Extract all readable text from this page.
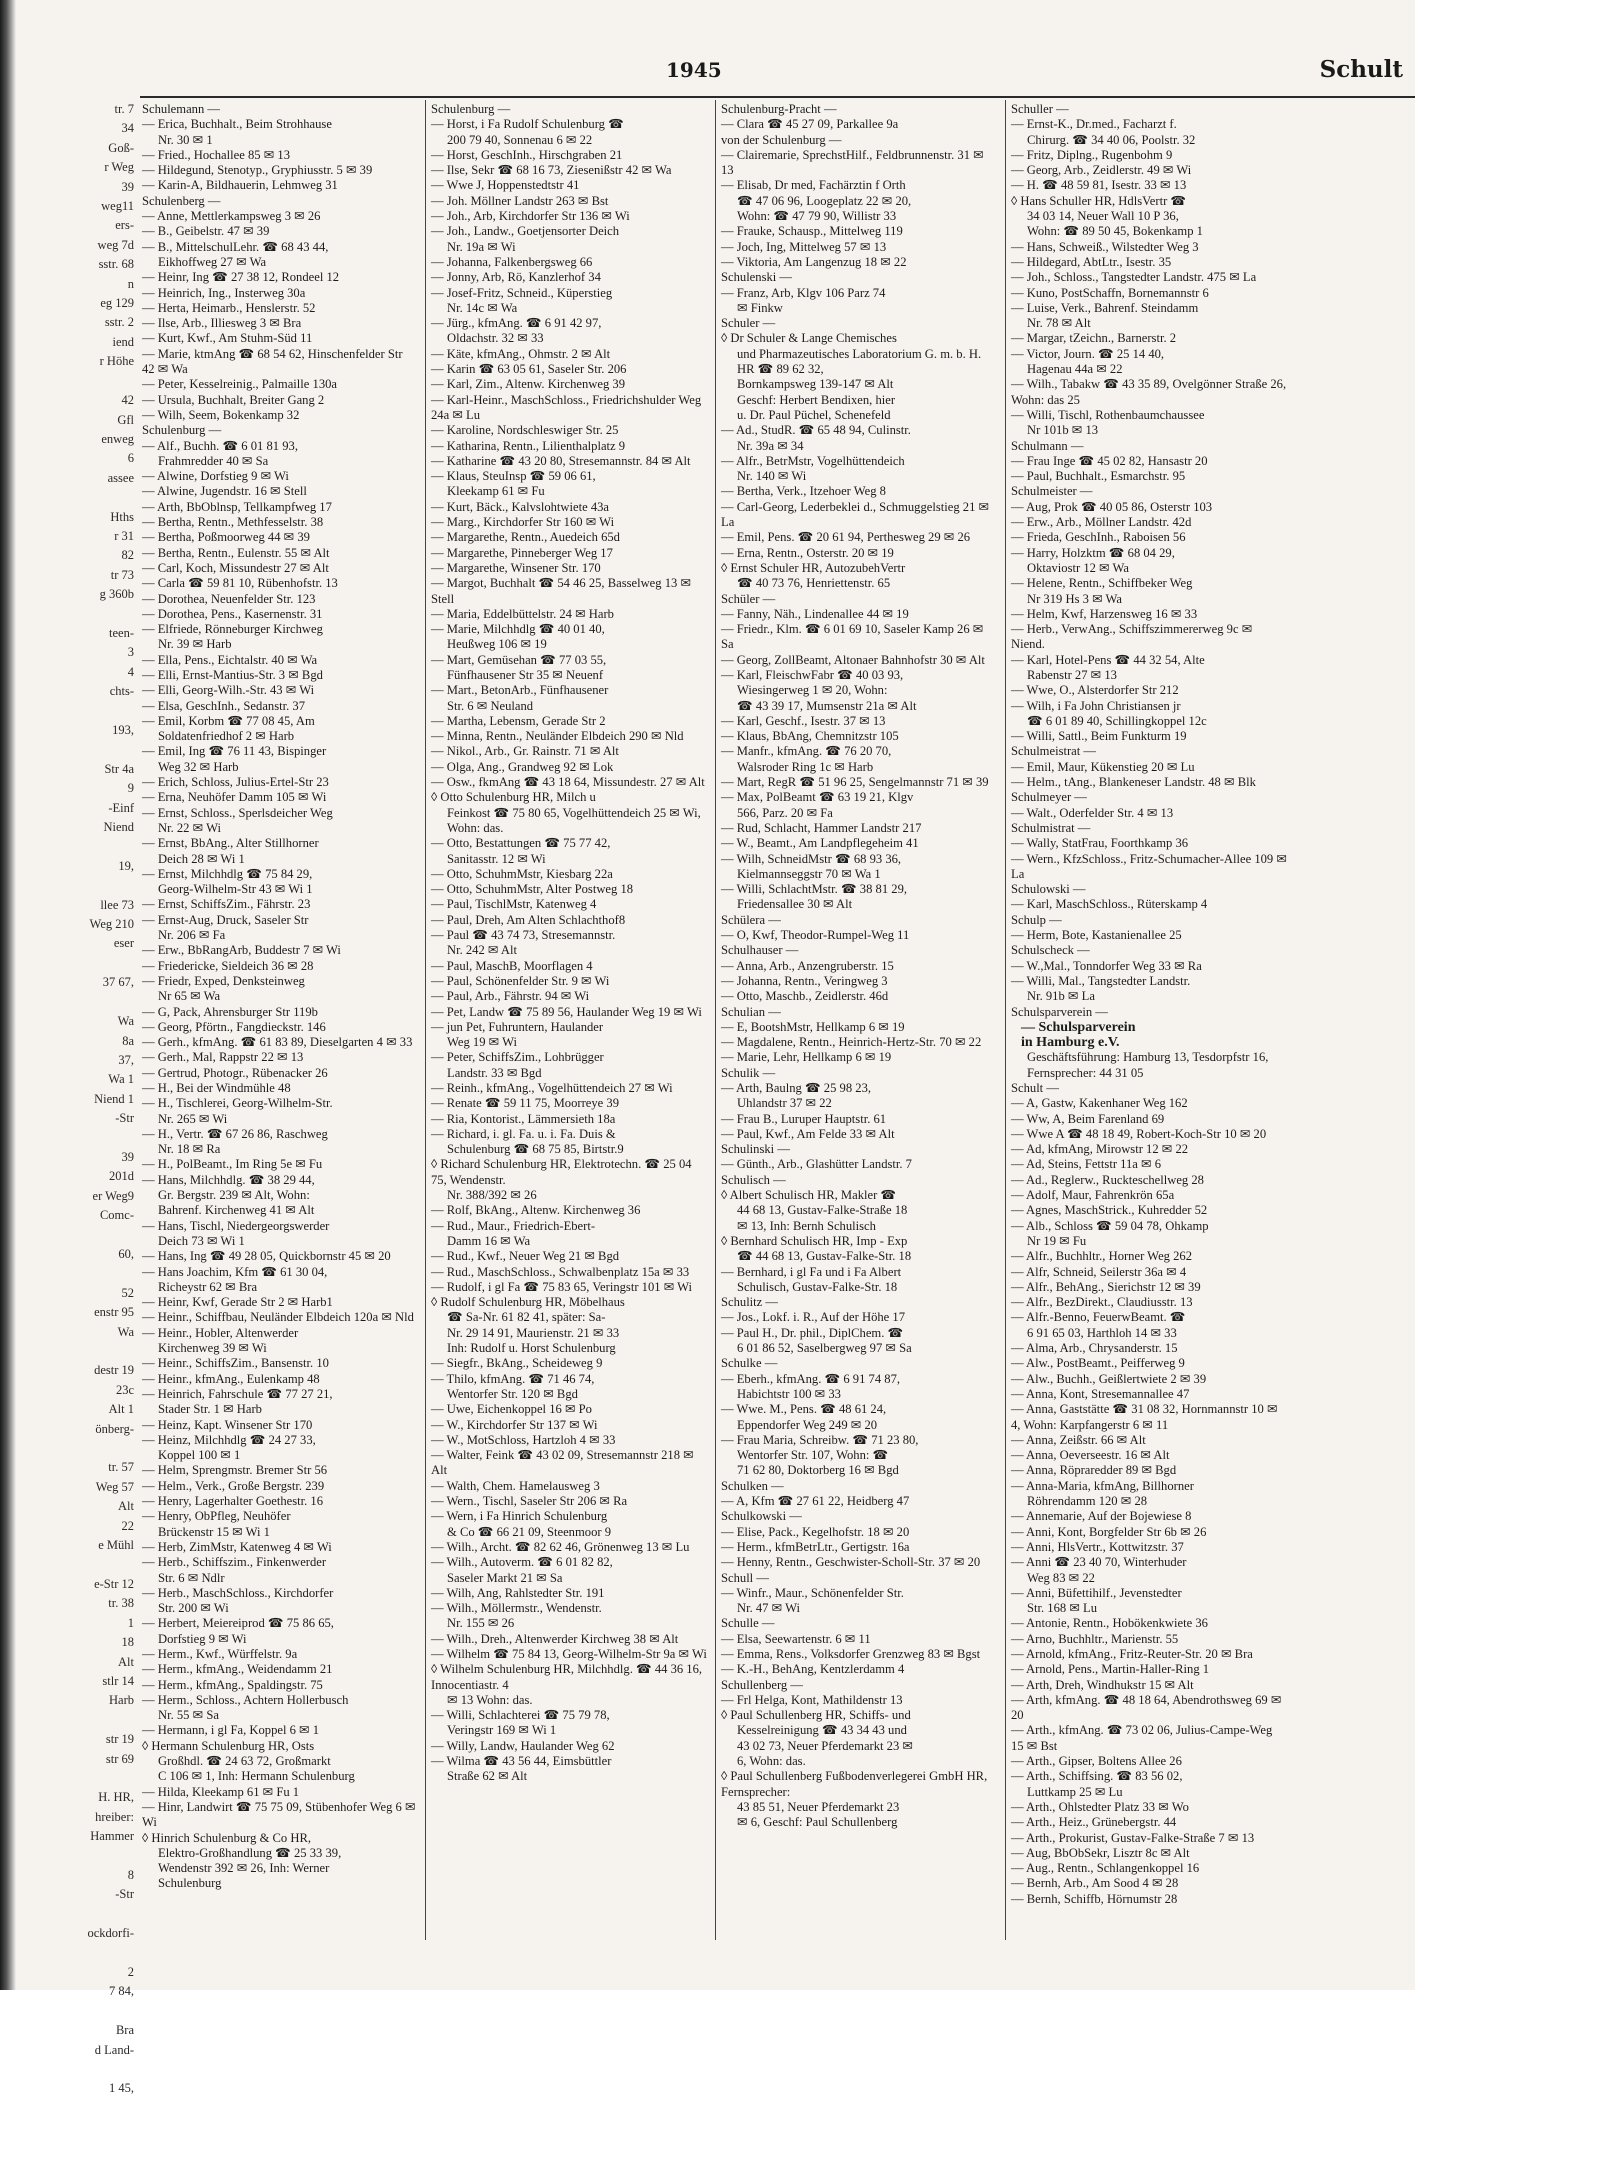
tr. 7
34
Goß-
r Weg
39
weg11
ers-
weg 7d
sstr. 68
n
eg 129
sstr. 2
iend
r Höhe

42
Gfl
enweg
6
assee

Hths
r 31
82
tr 73
g 360b

teen-
3
4
chts-

193,

Str 4a
9
-Einf
Niend

19,

llee 73
Weg 210
eser

37 67,

Wa
8a
37,
Wa 1
Niend 1
-Str

39
201d
er Weg9
Comc-

60,

52
enstr 95
Wa

destr 19
23c
Alt 1
önberg-

tr. 57
Weg 57
Alt
22
e Mühl

e-Str 12
tr. 38
1
18
Alt
stlr 14
Harb

str 19
str 69

H. HR,
hreiber:
Hammer

8
-Str

ockdorfi-

2
7 84,

Bra
d Land-

1 45,
1945	Schult
Schulemann —
— Erica, Buchhalt., Beim Strohhause
Nr. 30 ✉ 1
— Fried., Hochallee 85 ✉ 13
— Hildegund, Stenotyp., Gryphiusstr. 5 ✉ 39
— Karin-A, Bildhauerin, Lehmweg 31
Schulenberg —
— Anne, Mettlerkampsweg 3 ✉ 26
— B., Geibelstr. 47 ✉ 39
— B., MittelschulLehr. ☎ 68 43 44,
Eikhoffweg 27 ✉ Wa
— Heinr, Ing ☎ 27 38 12, Rondeel 12
— Heinrich, Ing., Insterweg 30a
— Herta, Heimarb., Henslerstr. 52
— Ilse, Arb., Illiesweg 3 ✉ Bra
— Kurt, Kwf., Am Stuhm-Süd 11
— Marie, ktmAng ☎ 68 54 62, Hinschenfelder Str 42 ✉ Wa
— Peter, Kesselreinig., Palmaille 130a
— Ursula, Buchhalt, Breiter Gang 2
— Wilh, Seem, Bokenkamp 32
Schulenburg —
— Alf., Buchh. ☎ 6 01 81 93,
Frahmredder 40 ✉ Sa
— Alwine, Dorfstieg 9 ✉ Wi
— Alwine, Jugendstr. 16 ✉ Stell
— Arth, BbOblnsp, Tellkampfweg 17
— Bertha, Rentn., Methfesselstr. 38
— Bertha, Poßmoorweg 44 ✉ 39
— Bertha, Rentn., Eulenstr. 55 ✉ Alt
— Carl, Koch, Missundestr 27 ✉ Alt
— Carla ☎ 59 81 10, Rübenhofstr. 13
— Dorothea, Neuenfelder Str. 123
— Dorothea, Pens., Kasernenstr. 31
— Elfriede, Rönneburger Kirchweg
Nr. 39 ✉ Harb
— Ella, Pens., Eichtalstr. 40 ✉ Wa
— Elli, Ernst-Mantius-Str. 3 ✉ Bgd
— Elli, Georg-Wilh.-Str. 43 ✉ Wi
— Elsa, GeschInh., Sedanstr. 37
— Emil, Korbm ☎ 77 08 45, Am
Soldatenfriedhof 2 ✉ Harb
— Emil, Ing ☎ 76 11 43, Bispinger
Weg 32 ✉ Harb
— Erich, Schloss, Julius-Ertel-Str 23
— Erna, Neuhöfer Damm 105 ✉ Wi
— Ernst, Schloss., Sperlsdeicher Weg
Nr. 22 ✉ Wi
— Ernst, BbAng., Alter Stillhorner
Deich 28 ✉ Wi 1
— Ernst, Milchhdlg ☎ 75 84 29,
Georg-Wilhelm-Str 43 ✉ Wi 1
— Ernst, SchiffsZim., Fährstr. 23
— Ernst-Aug, Druck, Saseler Str
Nr. 206 ✉ Fa
— Erw., BbRangArb, Buddestr 7 ✉ Wi
— Friedericke, Sieldeich 36 ✉ 28
— Friedr, Exped, Denksteinweg
Nr 65 ✉ Wa
— G, Pack, Ahrensburger Str 119b
— Georg, Pförtn., Fangdieckstr. 146
— Gerh., kfmAng. ☎ 61 83 89, Dieselgarten 4 ✉ 33
— Gerh., Mal, Rappstr 22 ✉ 13
— Gertrud, Photogr., Rübenacker 26
— H., Bei der Windmühle 48
— H., Tischlerei, Georg-Wilhelm-Str.
Nr. 265 ✉ Wi
— H., Vertr. ☎ 67 26 86, Raschweg
Nr. 18 ✉ Ra
— H., PolBeamt., Im Ring 5e ✉ Fu
— Hans, Milchhdlg. ☎ 38 29 44,
Gr. Bergstr. 239 ✉ Alt, Wohn:
Bahrenf. Kirchenweg 41 ✉ Alt
— Hans, Tischl, Niedergeorgswerder
Deich 73 ✉ Wi 1
— Hans, Ing ☎ 49 28 05, Quickbornstr 45 ✉ 20
— Hans Joachim, Kfm ☎ 61 30 04,
Richeystr 62 ✉ Bra
— Heinr, Kwf, Gerade Str 2 ✉ Harb1
— Heinr., Schiffbau, Neuländer Elbdeich 120a ✉ Nld
— Heinr., Hobler, Altenwerder
Kirchenweg 39 ✉ Wi
— Heinr., SchiffsZim., Bansenstr. 10
— Heinr., kfmAng., Eulenkamp 48
— Heinrich, Fahrschule ☎ 77 27 21,
Stader Str. 1 ✉ Harb
— Heinz, Kapt. Winsener Str 170
— Heinz, Milchhdlg ☎ 24 27 33,
Koppel 100 ✉ 1
— Helm, Sprengmstr. Bremer Str 56
— Helm., Verk., Große Bergstr. 239
— Henry, Lagerhalter Goethestr. 16
— Henry, ObPfleg, Neuhöfer
Brückenstr 15 ✉ Wi 1
— Herb, ZimMstr, Katenweg 4 ✉ Wi
— Herb., Schiffszim., Finkenwerder
Str. 6 ✉ Ndlr
— Herb., MaschSchloss., Kirchdorfer
Str. 200 ✉ Wi
— Herbert, Meiereiprod ☎ 75 86 65,
Dorfstieg 9 ✉ Wi
— Herm., Kwf., Würffelstr. 9a
— Herm., kfmAng., Weidendamm 21
— Herm., kfmAng., Spaldingstr. 75
— Herm., Schloss., Achtern Hollerbusch
Nr. 55 ✉ Sa
— Hermann, i gl Fa, Koppel 6 ✉ 1
◊ Hermann Schulenburg HR, Osts
Großhdl. ☎ 24 63 72, Großmarkt
C 106 ✉ 1, Inh: Hermann Schulenburg
— Hilda, Kleekamp 61 ✉ Fu 1
— Hinr, Landwirt ☎ 75 75 09, Stübenhofer Weg 6 ✉ Wi
◊ Hinrich Schulenburg & Co HR,
Elektro-Großhandlung ☎ 25 33 39,
Wendenstr 392 ✉ 26, Inh: Werner
Schulenburg
Schulenburg —
— Horst, i Fa Rudolf Schulenburg ☎
200 79 40, Sonnenau 6 ✉ 22
— Horst, GeschInh., Hirschgraben 21
— Ilse, Sekr ☎ 68 16 73, Ziesenißstr 42 ✉ Wa
— Wwe J, Hoppenstedtstr 41
— Joh. Möllner Landstr 263 ✉ Bst
— Joh., Arb, Kirchdorfer Str 136 ✉ Wi
— Joh., Landw., Goetjensorter Deich
Nr. 19a ✉ Wi
— Johanna, Falkenbergsweg 66
— Jonny, Arb, Rö, Kanzlerhof 34
— Josef-Fritz, Schneid., Küperstieg
Nr. 14c ✉ Wa
— Jürg., kfmAng. ☎ 6 91 42 97,
Oldachstr. 32 ✉ 33
— Käte, kfmAng., Ohmstr. 2 ✉ Alt
— Karin ☎ 63 05 61, Saseler Str. 206
— Karl, Zim., Altenw. Kirchenweg 39
— Karl-Heinr., MaschSchloss., Friedrichshulder Weg 24a ✉ Lu
— Karoline, Nordschleswiger Str. 25
— Katharina, Rentn., Lilienthalplatz 9
— Katharine ☎ 43 20 80, Stresemannstr. 84 ✉ Alt
— Klaus, SteuInsp ☎ 59 06 61,
Kleekamp 61 ✉ Fu
— Kurt, Bäck., Kalvslohtwiete 43a
— Marg., Kirchdorfer Str 160 ✉ Wi
— Margarethe, Rentn., Auedeich 65d
— Margarethe, Pinneberger Weg 17
— Margarethe, Winsener Str. 170
— Margot, Buchhalt ☎ 54 46 25, Basselweg 13 ✉ Stell
— Maria, Eddelbüttelstr. 24 ✉ Harb
— Marie, Milchhdlg ☎ 40 01 40,
Heußweg 106 ✉ 19
— Mart, Gemüsehan ☎ 77 03 55,
Fünfhausener Str 35 ✉ Neuenf
— Mart., BetonArb., Fünfhausener
Str. 6 ✉ Neuland
— Martha, Lebensm, Gerade Str 2
— Minna, Rentn., Neuländer Elbdeich 290 ✉ Nld
— Nikol., Arb., Gr. Rainstr. 71 ✉ Alt
— Olga, Ang., Grandweg 92 ✉ Lok
— Osw., fkmAng ☎ 43 18 64, Missundestr. 27 ✉ Alt
◊ Otto Schulenburg HR, Milch u
Feinkost ☎ 75 80 65, Vogelhüttendeich 25 ✉ Wi, Wohn: das.
— Otto, Bestattungen ☎ 75 77 42,
Sanitasstr. 12 ✉ Wi
— Otto, SchuhmMstr, Kiesbarg 22a
— Otto, SchuhmMstr, Alter Postweg 18
— Paul, TischlMstr, Katenweg 4
— Paul, Dreh, Am Alten Schlachthof8
— Paul ☎ 43 74 73, Stresemannstr.
Nr. 242 ✉ Alt
— Paul, MaschB, Moorflagen 4
— Paul, Schönenfelder Str. 9 ✉ Wi
— Paul, Arb., Fährstr. 94 ✉ Wi
— Pet, Landw ☎ 75 89 56, Haulander Weg 19 ✉ Wi
— jun Pet, Fuhruntern, Haulander
Weg 19 ✉ Wi
— Peter, SchiffsZim., Lohbrügger
Landstr. 33 ✉ Bgd
— Reinh., kfmAng., Vogelhüttendeich 27 ✉ Wi
— Renate ☎ 59 11 75, Moorreye 39
— Ria, Kontorist., Lämmersieth 18a
— Richard, i. gl. Fa. u. i. Fa. Duis &
Schulenburg ☎ 68 75 85, Birtstr.9
◊ Richard Schulenburg HR, Elektrotechn. ☎ 25 04 75, Wendenstr.
Nr. 388/392 ✉ 26
— Rolf, BkAng., Altenw. Kirchenweg 36
— Rud., Maur., Friedrich-Ebert-
Damm 16 ✉ Wa
— Rud., Kwf., Neuer Weg 21 ✉ Bgd
— Rud., MaschSchloss., Schwalbenplatz 15a ✉ 33
— Rudolf, i gl Fa ☎ 75 83 65, Veringstr 101 ✉ Wi
◊ Rudolf Schulenburg HR, Möbelhaus
☎ Sa-Nr. 61 82 41, später: Sa-
Nr. 29 14 91, Maurienstr. 21 ✉ 33
Inh: Rudolf u. Horst Schulenburg
— Siegfr., BkAng., Scheideweg 9
— Thilo, kfmAng. ☎ 71 46 74,
Wentorfer Str. 120 ✉ Bgd
— Uwe, Eichenkoppel 16 ✉ Po
— W., Kirchdorfer Str 137 ✉ Wi
— W., MotSchloss, Hartzloh 4 ✉ 33
— Walter, Feink ☎ 43 02 09, Stresemannstr 218 ✉ Alt
— Walth, Chem. Hamelausweg 3
— Wern., Tischl, Saseler Str 206 ✉ Ra
— Wern, i Fa Hinrich Schulenburg
& Co ☎ 66 21 09, Steenmoor 9
— Wilh., Archt. ☎ 82 62 46, Grönenweg 13 ✉ Lu
— Wilh., Autoverm. ☎ 6 01 82 82,
Saseler Markt 21 ✉ Sa
— Wilh, Ang, Rahlstedter Str. 191
— Wilh., Möllermstr., Wendenstr.
Nr. 155 ✉ 26
— Wilh., Dreh., Altenwerder Kirchweg 38 ✉ Alt
— Wilhelm ☎ 75 84 13, Georg-Wilhelm-Str 9a ✉ Wi
◊ Wilhelm Schulenburg HR, Milchhdlg. ☎ 44 36 16, Innocentiastr. 4
✉ 13 Wohn: das.
— Willi, Schlachterei ☎ 75 79 78,
Veringstr 169 ✉ Wi 1
— Willy, Landw, Haulander Weg 62
— Wilma ☎ 43 56 44, Eimsbüttler
Straße 62 ✉ Alt
Schulenburg-Pracht —
— Clara ☎ 45 27 09, Parkallee 9a
von der Schulenburg —
— Clairemarie, SprechstHilf., Feldbrunnenstr. 31 ✉ 13
— Elisab, Dr med, Fachärztin f Orth
☎ 47 06 96, Loogeplatz 22 ✉ 20,
Wohn: ☎ 47 79 90, Willistr 33
— Frauke, Schausp., Mittelweg 119
— Joch, Ing, Mittelweg 57 ✉ 13
— Viktoria, Am Langenzug 18 ✉ 22
Schulenski —
— Franz, Arb, Klgv 106 Parz 74
✉ Finkw
Schuler —
◊ Dr Schuler & Lange Chemisches
und Pharmazeutisches Laboratorium G. m. b. H. HR ☎ 89 62 32,
Bornkampsweg 139-147 ✉ Alt
Geschf: Herbert Bendixen, hier
u. Dr. Paul Püchel, Schenefeld
— Ad., StudR. ☎ 65 48 94, Culinstr.
Nr. 39a ✉ 34
— Alfr., BetrMstr, Vogelhüttendeich
Nr. 140 ✉ Wi
— Bertha, Verk., Itzehoer Weg 8
— Carl-Georg, Lederbeklei d., Schmuggelstieg 21 ✉ La
— Emil, Pens. ☎ 20 61 94, Perthesweg 29 ✉ 26
— Erna, Rentn., Osterstr. 20 ✉ 19
◊ Ernst Schuler HR, AutozubehVertr
☎ 40 73 76, Henriettenstr. 65
Schüler —
— Fanny, Näh., Lindenallee 44 ✉ 19
— Friedr., Klm. ☎ 6 01 69 10, Saseler Kamp 26 ✉ Sa
— Georg, ZollBeamt, Altonaer Bahnhofstr 30 ✉ Alt
— Karl, FleischwFabr ☎ 40 03 93,
Wiesingerweg 1 ✉ 20, Wohn:
☎ 43 39 17, Mumsenstr 21a ✉ Alt
— Karl, Geschf., Isestr. 37 ✉ 13
— Klaus, BbAng, Chemnitzstr 105
— Manfr., kfmAng. ☎ 76 20 70,
Walsroder Ring 1c ✉ Harb
— Mart, RegR ☎ 51 96 25, Sengelmannstr 71 ✉ 39
— Max, PolBeamt ☎ 63 19 21, Klgv
566, Parz. 20 ✉ Fa
— Rud, Schlacht, Hammer Landstr 217
— W., Beamt., Am Landpflegeheim 41
— Wilh, SchneidMstr ☎ 68 93 36,
Kielmannseggstr 70 ✉ Wa 1
— Willi, SchlachtMstr. ☎ 38 81 29,
Friedensallee 30 ✉ Alt
Schülera —
— O, Kwf, Theodor-Rumpel-Weg 11
Schulhauser —
— Anna, Arb., Anzengruberstr. 15
— Johanna, Rentn., Veringweg 3
— Otto, Maschb., Zeidlerstr. 46d
Schulian —
— E, BootshMstr, Hellkamp 6 ✉ 19
— Magdalene, Rentn., Heinrich-Hertz-Str. 70 ✉ 22
— Marie, Lehr, Hellkamp 6 ✉ 19
Schulik —
— Arth, Baulng ☎ 25 98 23,
Uhlandstr 37 ✉ 22
— Frau B., Luruper Hauptstr. 61
— Paul, Kwf., Am Felde 33 ✉ Alt
Schulinski —
— Günth., Arb., Glashütter Landstr. 7
Schulisch —
◊ Albert Schulisch HR, Makler ☎
44 68 13, Gustav-Falke-Straße 18
✉ 13, Inh: Bernh Schulisch
◊ Bernhard Schulisch HR, Imp - Exp
☎ 44 68 13, Gustav-Falke-Str. 18
— Bernhard, i gl Fa und i Fa Albert
Schulisch, Gustav-Falke-Str. 18
Schulitz —
— Jos., Lokf. i. R., Auf der Höhe 17
— Paul H., Dr. phil., DiplChem. ☎
6 01 86 52, Saselbergweg 97 ✉ Sa
Schulke —
— Eberh., kfmAng. ☎ 6 91 74 87,
Habichtstr 100 ✉ 33
— Wwe. M., Pens. ☎ 48 61 24,
Eppendorfer Weg 249 ✉ 20
— Frau Maria, Schreibw. ☎ 71 23 80,
Wentorfer Str. 107, Wohn: ☎
71 62 80, Doktorberg 16 ✉ Bgd
Schulken —
— A, Kfm ☎ 27 61 22, Heidberg 47
Schulkowski —
— Elise, Pack., Kegelhofstr. 18 ✉ 20
— Herm., kfmBetrLtr., Gertigstr. 16a
— Henny, Rentn., Geschwister-Scholl-Str. 37 ✉ 20
Schull —
— Winfr., Maur., Schönenfelder Str.
Nr. 47 ✉ Wi
Schulle —
— Elsa, Seewartenstr. 6 ✉ 11
— Emma, Rens., Volksdorfer Grenzweg 83 ✉ Bgst
— K.-H., BehAng, Kentzlerdamm 4
Schullenberg —
— Frl Helga, Kont, Mathildenstr 13
◊ Paul Schullenberg HR, Schiffs- und
Kesselreinigung ☎ 43 34 43 und
43 02 73, Neuer Pferdemarkt 23 ✉
6, Wohn: das.
◊ Paul Schullenberg Fußbodenverlegerei GmbH HR, Fernsprecher:
43 85 51, Neuer Pferdemarkt 23
✉ 6, Geschf: Paul Schullenberg
Schuller —
— Ernst-K., Dr.med., Facharzt f.
Chirurg. ☎ 34 40 06, Poolstr. 32
— Fritz, Diplng., Rugenbohm 9
— Georg, Arb., Zeidlerstr. 49 ✉ Wi
— H. ☎ 48 59 81, Isestr. 33 ✉ 13
◊ Hans Schuller HR, HdlsVertr ☎
34 03 14, Neuer Wall 10 P 36,
Wohn: ☎ 89 50 45, Bokenkamp 1
— Hans, Schweiß., Wilstedter Weg 3
— Hildegard, AbtLtr., Isestr. 35
— Joh., Schloss., Tangstedter Landstr. 475 ✉ La
— Kuno, PostSchaffn, Bornemannstr 6
— Luise, Verk., Bahrenf. Steindamm
Nr. 78 ✉ Alt
— Margar, tZeichn., Barnerstr. 2
— Victor, Journ. ☎ 25 14 40,
Hagenau 44a ✉ 22
— Wilh., Tabakw ☎ 43 35 89, Ovelgönner Straße 26, Wohn: das 25
— Willi, Tischl, Rothenbaumchaussee
Nr 101b ✉ 13
Schulmann —
— Frau Inge ☎ 45 02 82, Hansastr 20
— Paul, Buchhalt., Esmarchstr. 95
Schulmeister —
— Aug, Prok ☎ 40 05 86, Osterstr 103
— Erw., Arb., Möllner Landstr. 42d
— Frieda, GeschInh., Raboisen 56
— Harry, Holzktm ☎ 68 04 29,
Oktaviostr 12 ✉ Wa
— Helene, Rentn., Schiffbeker Weg
Nr 319 Hs 3 ✉ Wa
— Helm, Kwf, Harzensweg 16 ✉ 33
— Herb., VerwAng., Schiffszimmererweg 9c ✉ Niend.
— Karl, Hotel-Pens ☎ 44 32 54, Alte
Rabenstr 27 ✉ 13
— Wwe, O., Alsterdorfer Str 212
— Wilh, i Fa John Christiansen jr
☎ 6 01 89 40, Schillingkoppel 12c
— Willi, Sattl., Beim Funkturm 19
Schulmeistrat —
— Emil, Maur, Kükenstieg 20 ✉ Lu
— Helm., tAng., Blankeneser Landstr. 48 ✉ Blk
Schulmeyer —
— Walt., Oderfelder Str. 4 ✉ 13
Schulmistrat —
— Wally, StatFrau, Foorthkamp 36
— Wern., KfzSchloss., Fritz-Schumacher-Allee 109 ✉ La
Schulowski —
— Karl, MaschSchloss., Rüterskamp 4
Schulp —
— Herm, Bote, Kastanienallee 25
Schulscheck —
— W.,Mal., Tonndorfer Weg 33 ✉ Ra
— Willi, Mal., Tangstedter Landstr.
Nr. 91b ✉ La
Schulsparverein —
— Schulsparverein
in Hamburg e.V.
Geschäftsführung: Hamburg 13, Tesdorpfstr 16,
Fernsprecher: 44 31 05
Schult —
— A, Gastw, Kakenhaner Weg 162
— Ww, A, Beim Farenland 69
— Wwe A ☎ 48 18 49, Robert-Koch-Str 10 ✉ 20
— Ad, kfmAng, Mirowstr 12 ✉ 22
— Ad, Steins, Fettstr 11a ✉ 6
— Ad., Reglerw., Ruckteschellweg 28
— Adolf, Maur, Fahrenkrön 65a
— Agnes, MaschStrick., Kuhredder 52
— Alb., Schloss ☎ 59 04 78, Ohkamp
Nr 19 ✉ Fu
— Alfr., Buchhltr., Horner Weg 262
— Alfr, Schneid, Seilerstr 36a ✉ 4
— Alfr., BehAng., Sierichstr 12 ✉ 39
— Alfr., BezDirekt., Claudiusstr. 13
— Alfr.-Benno, FeuerwBeamt. ☎
6 91 65 03, Harthloh 14 ✉ 33
— Alma, Arb., Chrysanderstr. 15
— Alw., PostBeamt., Peifferweg 9
— Alw., Buchh., Geißlertwiete 2 ✉ 39
— Anna, Kont, Stresemannallee 47
— Anna, Gaststätte ☎ 31 08 32, Hornmannstr 10 ✉ 4, Wohn: Karpfangerstr 6 ✉ 11
— Anna, Zeißstr. 66 ✉ Alt
— Anna, Oeverseestr. 16 ✉ Alt
— Anna, Röpraredder 89 ✉ Bgd
— Anna-Maria, kfmAng, Billhorner
Röhrendamm 120 ✉ 28
— Annemarie, Auf der Bojewiese 8
— Anni, Kont, Borgfelder Str 6b ✉ 26
— Anni, HlsVertr., Kottwitzstr. 37
— Anni ☎ 23 40 70, Winterhuder
Weg 83 ✉ 22
— Anni, Büfettihilf., Jevenstedter
Str. 168 ✉ Lu
— Antonie, Rentn., Hobökenkwiete 36
— Arno, Buchhltr., Marienstr. 55
— Arnold, kfmAng., Fritz-Reuter-Str. 20 ✉ Bra
— Arnold, Pens., Martin-Haller-Ring 1
— Arth, Dreh, Windhukstr 15 ✉ Alt
— Arth, kfmAng. ☎ 48 18 64, Abendrothsweg 69 ✉ 20
— Arth., kfmAng. ☎ 73 02 06, Julius-Campe-Weg 15 ✉ Bst
— Arth., Gipser, Boltens Allee 26
— Arth., Schiffsing. ☎ 83 56 02,
Luttkamp 25 ✉ Lu
— Arth., Ohlstedter Platz 33 ✉ Wo
— Arth., Heiz., Grünebergstr. 44
— Arth., Prokurist, Gustav-Falke-Straße 7 ✉ 13
— Aug, BbObSekr, Lisztr 8c ✉ Alt
— Aug., Rentn., Schlangenkoppel 16
— Bernh, Arb., Am Sood 4 ✉ 28
— Bernh, Schiffb, Hörnumstr 28
